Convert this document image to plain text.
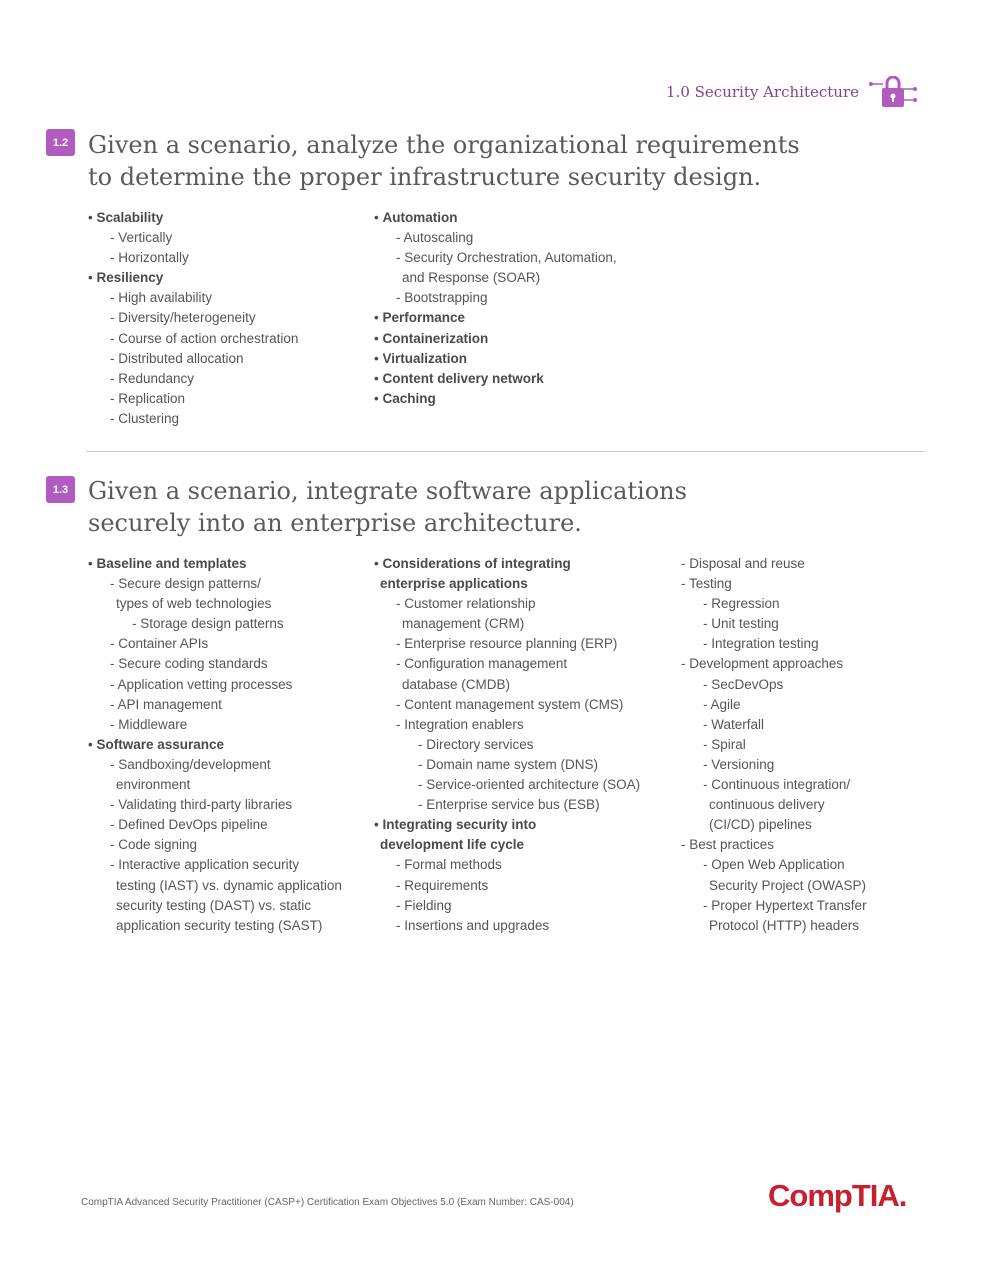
1.0 Security Architecture
1.2 Given a scenario, analyze the organizational requirements
to determine the proper infrastructure security design.
• Scalability
- Vertically
- Horizontally
• Resiliency
- High availability
- Diversity/heterogeneity
- Course of action orchestration
- Distributed allocation
- Redundancy
- Replication
- Clustering
• Automation
- Autoscaling
- Security Orchestration, Automation,
and Response (SOAR)
- Bootstrapping
• Performance
• Containerization
• Virtualization
• Content delivery network
• Caching
1.3 Given a scenario, integrate software applications
securely into an enterprise architecture.
• Baseline and templates
- Secure design patterns/
types of web technologies
- Storage design patterns
- Container APIs
- Secure coding standards
- Application vetting processes
- API management
- Middleware
• Software assurance
- Sandboxing/development
environment
- Validating third-party libraries
- Defined DevOps pipeline
- Code signing
- Interactive application security
testing (IAST) vs. dynamic application
security testing (DAST) vs. static
application security testing (SAST)
• Considerations of integrating
enterprise applications
- Customer relationship
management (CRM)
- Enterprise resource planning (ERP)
- Configuration management
database (CMDB)
- Content management system (CMS)
- Integration enablers
- Directory services
- Domain name system (DNS)
- Service-oriented architecture (SOA)
- Enterprise service bus (ESB)
• Integrating security into
development life cycle
- Formal methods
- Requirements
- Fielding
- Insertions and upgrades
- Disposal and reuse
- Testing
- Regression
- Unit testing
- Integration testing
- Development approaches
- SecDevOps
- Agile
- Waterfall
- Spiral
- Versioning
- Continuous integration/
continuous delivery
(CI/CD) pipelines
- Best practices
- Open Web Application
Security Project (OWASP)
- Proper Hypertext Transfer
Protocol (HTTP) headers
CompTIA Advanced Security Practitioner (CASP+) Certification Exam Objectives 5.0 (Exam Number: CAS-004)	CompTIA.
